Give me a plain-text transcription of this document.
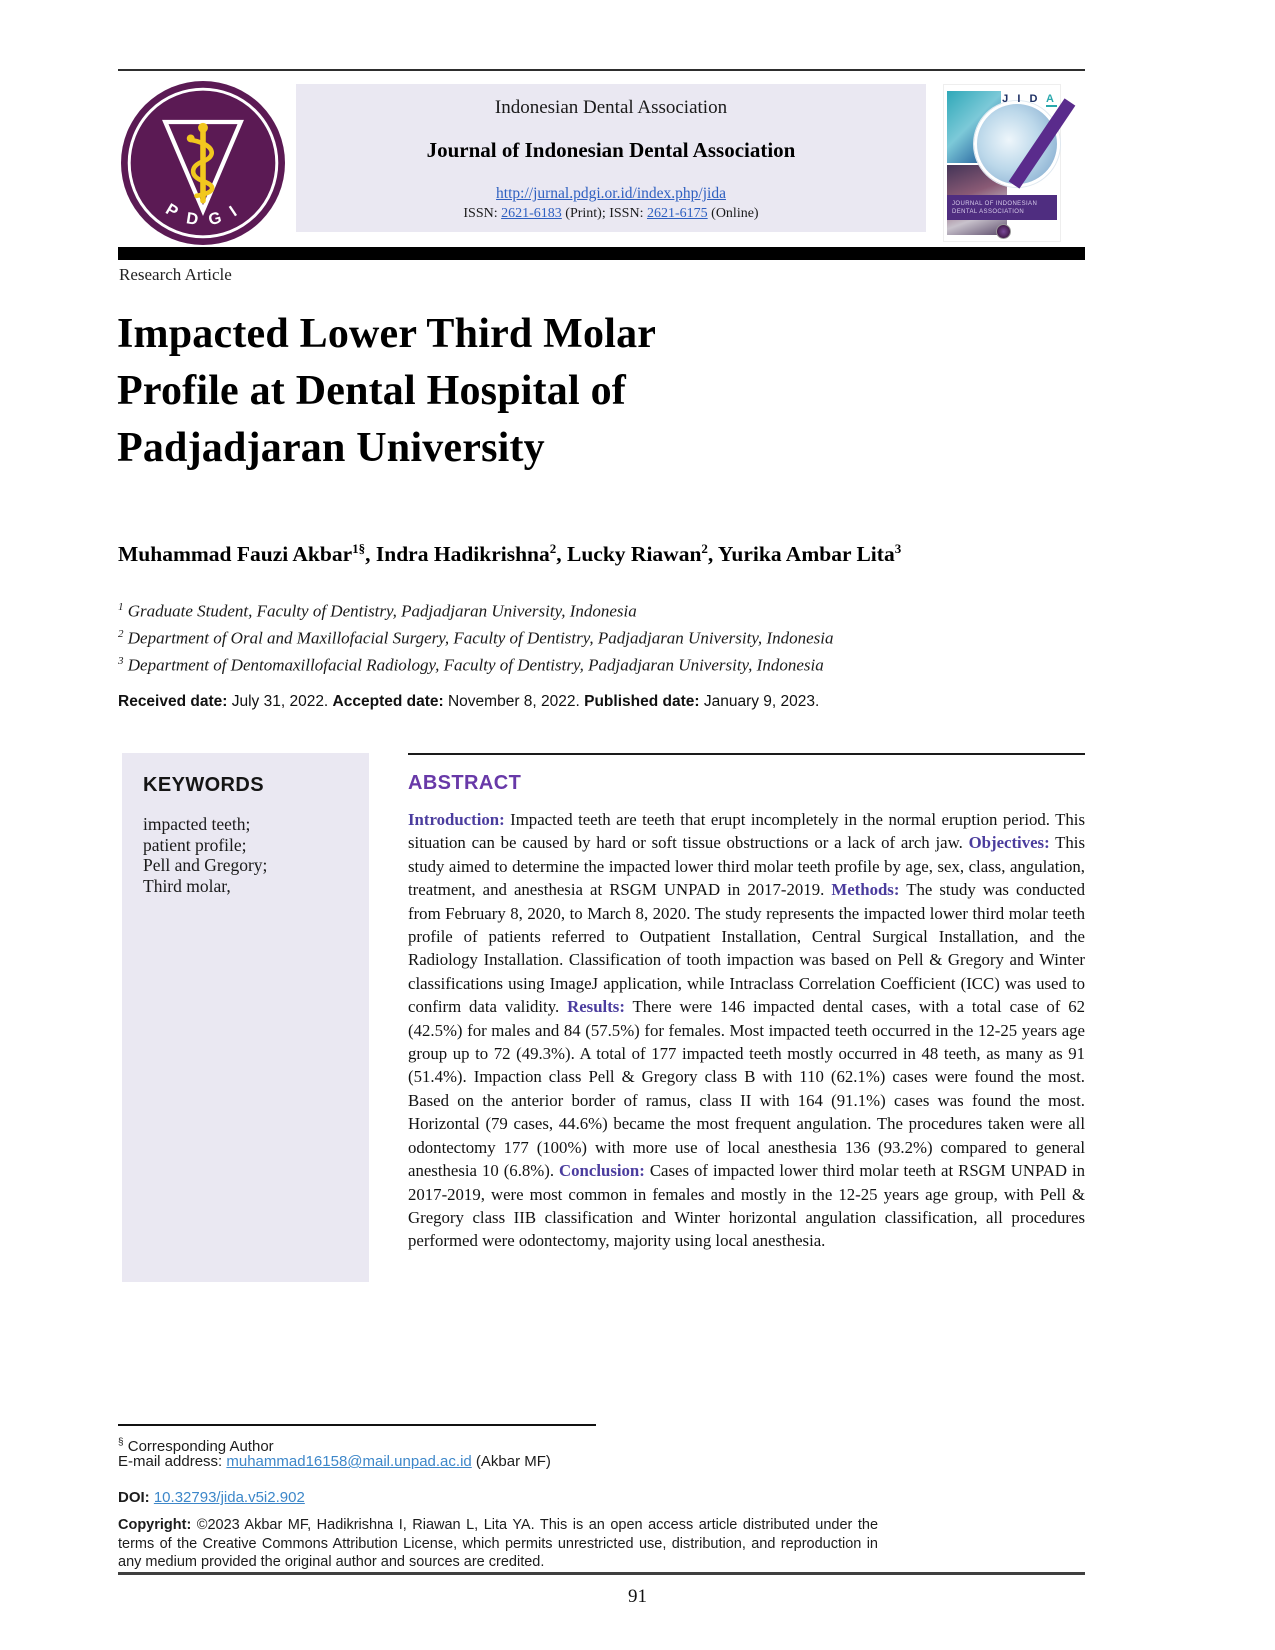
P D G I
Indonesian Dental Association
Journal of Indonesian Dental Association
http://jurnal.pdgi.or.id/index.php/jida
ISSN: 2621-6183 (Print); ISSN: 2621-6175 (Online)
J I D A
JOURNAL OF INDONESIAN
DENTAL ASSOCIATION
Research Article
Impacted Lower Third Molar
Profile at Dental Hospital of
Padjadjaran University
Muhammad Fauzi Akbar$^{1\S}$, Indra Hadikrishna$^2$, Lucky Riawan$^2$, Yurika Ambar Lita$^3$
$^1$ Graduate Student, Faculty of Dentistry, Padjadjaran University, Indonesia
$^2$ Department of Oral and Maxillofacial Surgery, Faculty of Dentistry, Padjadjaran University, Indonesia
$^3$ Department of Dentomaxillofacial Radiology, Faculty of Dentistry, Padjadjaran University, Indonesia
Received date: July 31, 2022. Accepted date: November 8, 2022. Published date: January 9, 2023.
KEYWORDS
impacted teeth;
patient profile;
Pell and Gregory;
Third molar,
ABSTRACT
Introduction: Impacted teeth are teeth that erupt incompletely in the normal eruption period. This situation can be caused by hard or soft tissue obstructions or a lack of arch jaw. Objectives: This study aimed to determine the impacted lower third molar teeth profile by age, sex, class, angulation, treatment, and anesthesia at RSGM UNPAD in 2017-2019. Methods: The study was conducted from February 8, 2020, to March 8, 2020. The study represents the impacted lower third molar teeth profile of patients referred to Outpatient Installation, Central Surgical Installation, and the Radiology Installation. Classification of tooth impaction was based on Pell & Gregory and Winter classifications using ImageJ application, while Intraclass Correlation Coefficient (ICC) was used to confirm data validity. Results: There were 146 impacted dental cases, with a total case of 62 (42.5%) for males and 84 (57.5%) for females. Most impacted teeth occurred in the 12-25 years age group up to 72 (49.3%). A total of 177 impacted teeth mostly occurred in 48 teeth, as many as 91 (51.4%). Impaction class Pell & Gregory class B with 110 (62.1%) cases were found the most. Based on the anterior border of ramus, class II with 164 (91.1%) cases was found the most. Horizontal (79 cases, 44.6%) became the most frequent angulation. The procedures taken were all odontectomy 177 (100%) with more use of local anesthesia 136 (93.2%) compared to general anesthesia 10 (6.8%). Conclusion: Cases of impacted lower third molar teeth at RSGM UNPAD in 2017-2019, were most common in females and mostly in the 12-25 years age group, with Pell & Gregory class IIB classification and Winter horizontal angulation classification, all procedures performed were odontectomy, majority using local anesthesia.
§ Corresponding Author
E-mail address: muhammad16158@mail.unpad.ac.id (Akbar MF)
DOI: 10.32793/jida.v5i2.902
Copyright: ©2023 Akbar MF, Hadikrishna I, Riawan L, Lita YA. This is an open access article distributed under the terms of the Creative Commons Attribution License, which permits unrestricted use, distribution, and reproduction in any medium provided the original author and sources are credited.
91
